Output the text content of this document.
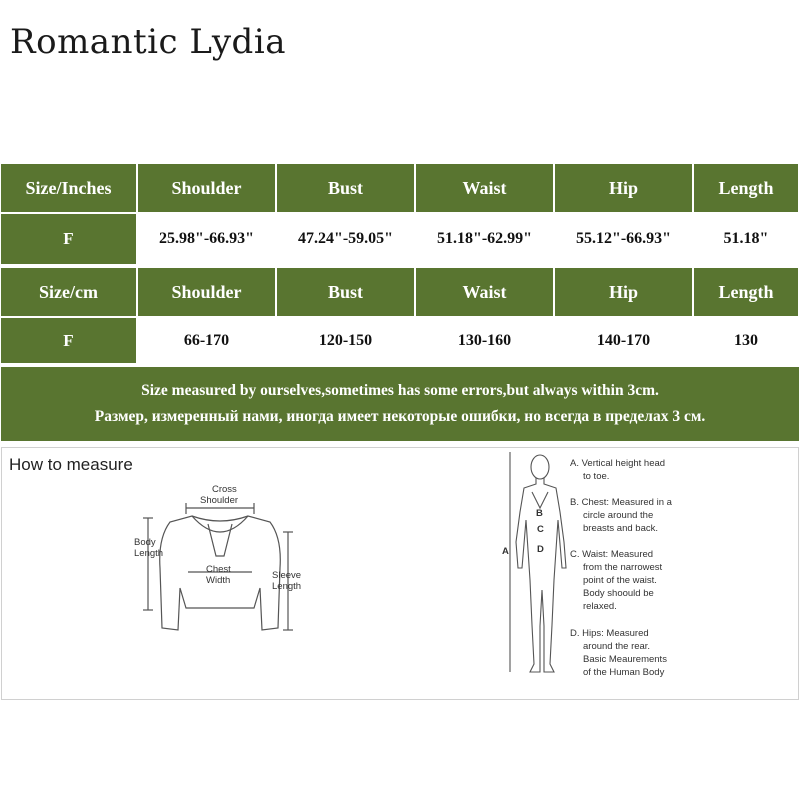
Romantic Lydia
Size/Inches	Shoulder	Bust	Waist	Hip	Length
F	25.98"-66.93"	47.24"-59.05"	51.18"-62.99"	55.12"-66.93"	51.18"
Size/cm	Shoulder	Bust	Waist	Hip	Length
F	66-170	120-150	130-160	140-170	130
Size measured by ourselves,sometimes has some errors,but always within 3cm.
Размер, измеренный нами, иногда имеет некоторые ошибки, но всегда в пределах 3 см.
How to measure
Cross
Shoulder
Body
Length
Chest
Width	Sleeve
Length
B
C
D
A
A. Vertical height head
to toe.
B. Chest: Measured in a
circle around the
breasts and back.
C. Waist: Measured
from the narrowest
point of the waist.
Body shoould be
relaxed.
D. Hips: Measured
around the rear.
Basic Meaurements
of the Human Body
